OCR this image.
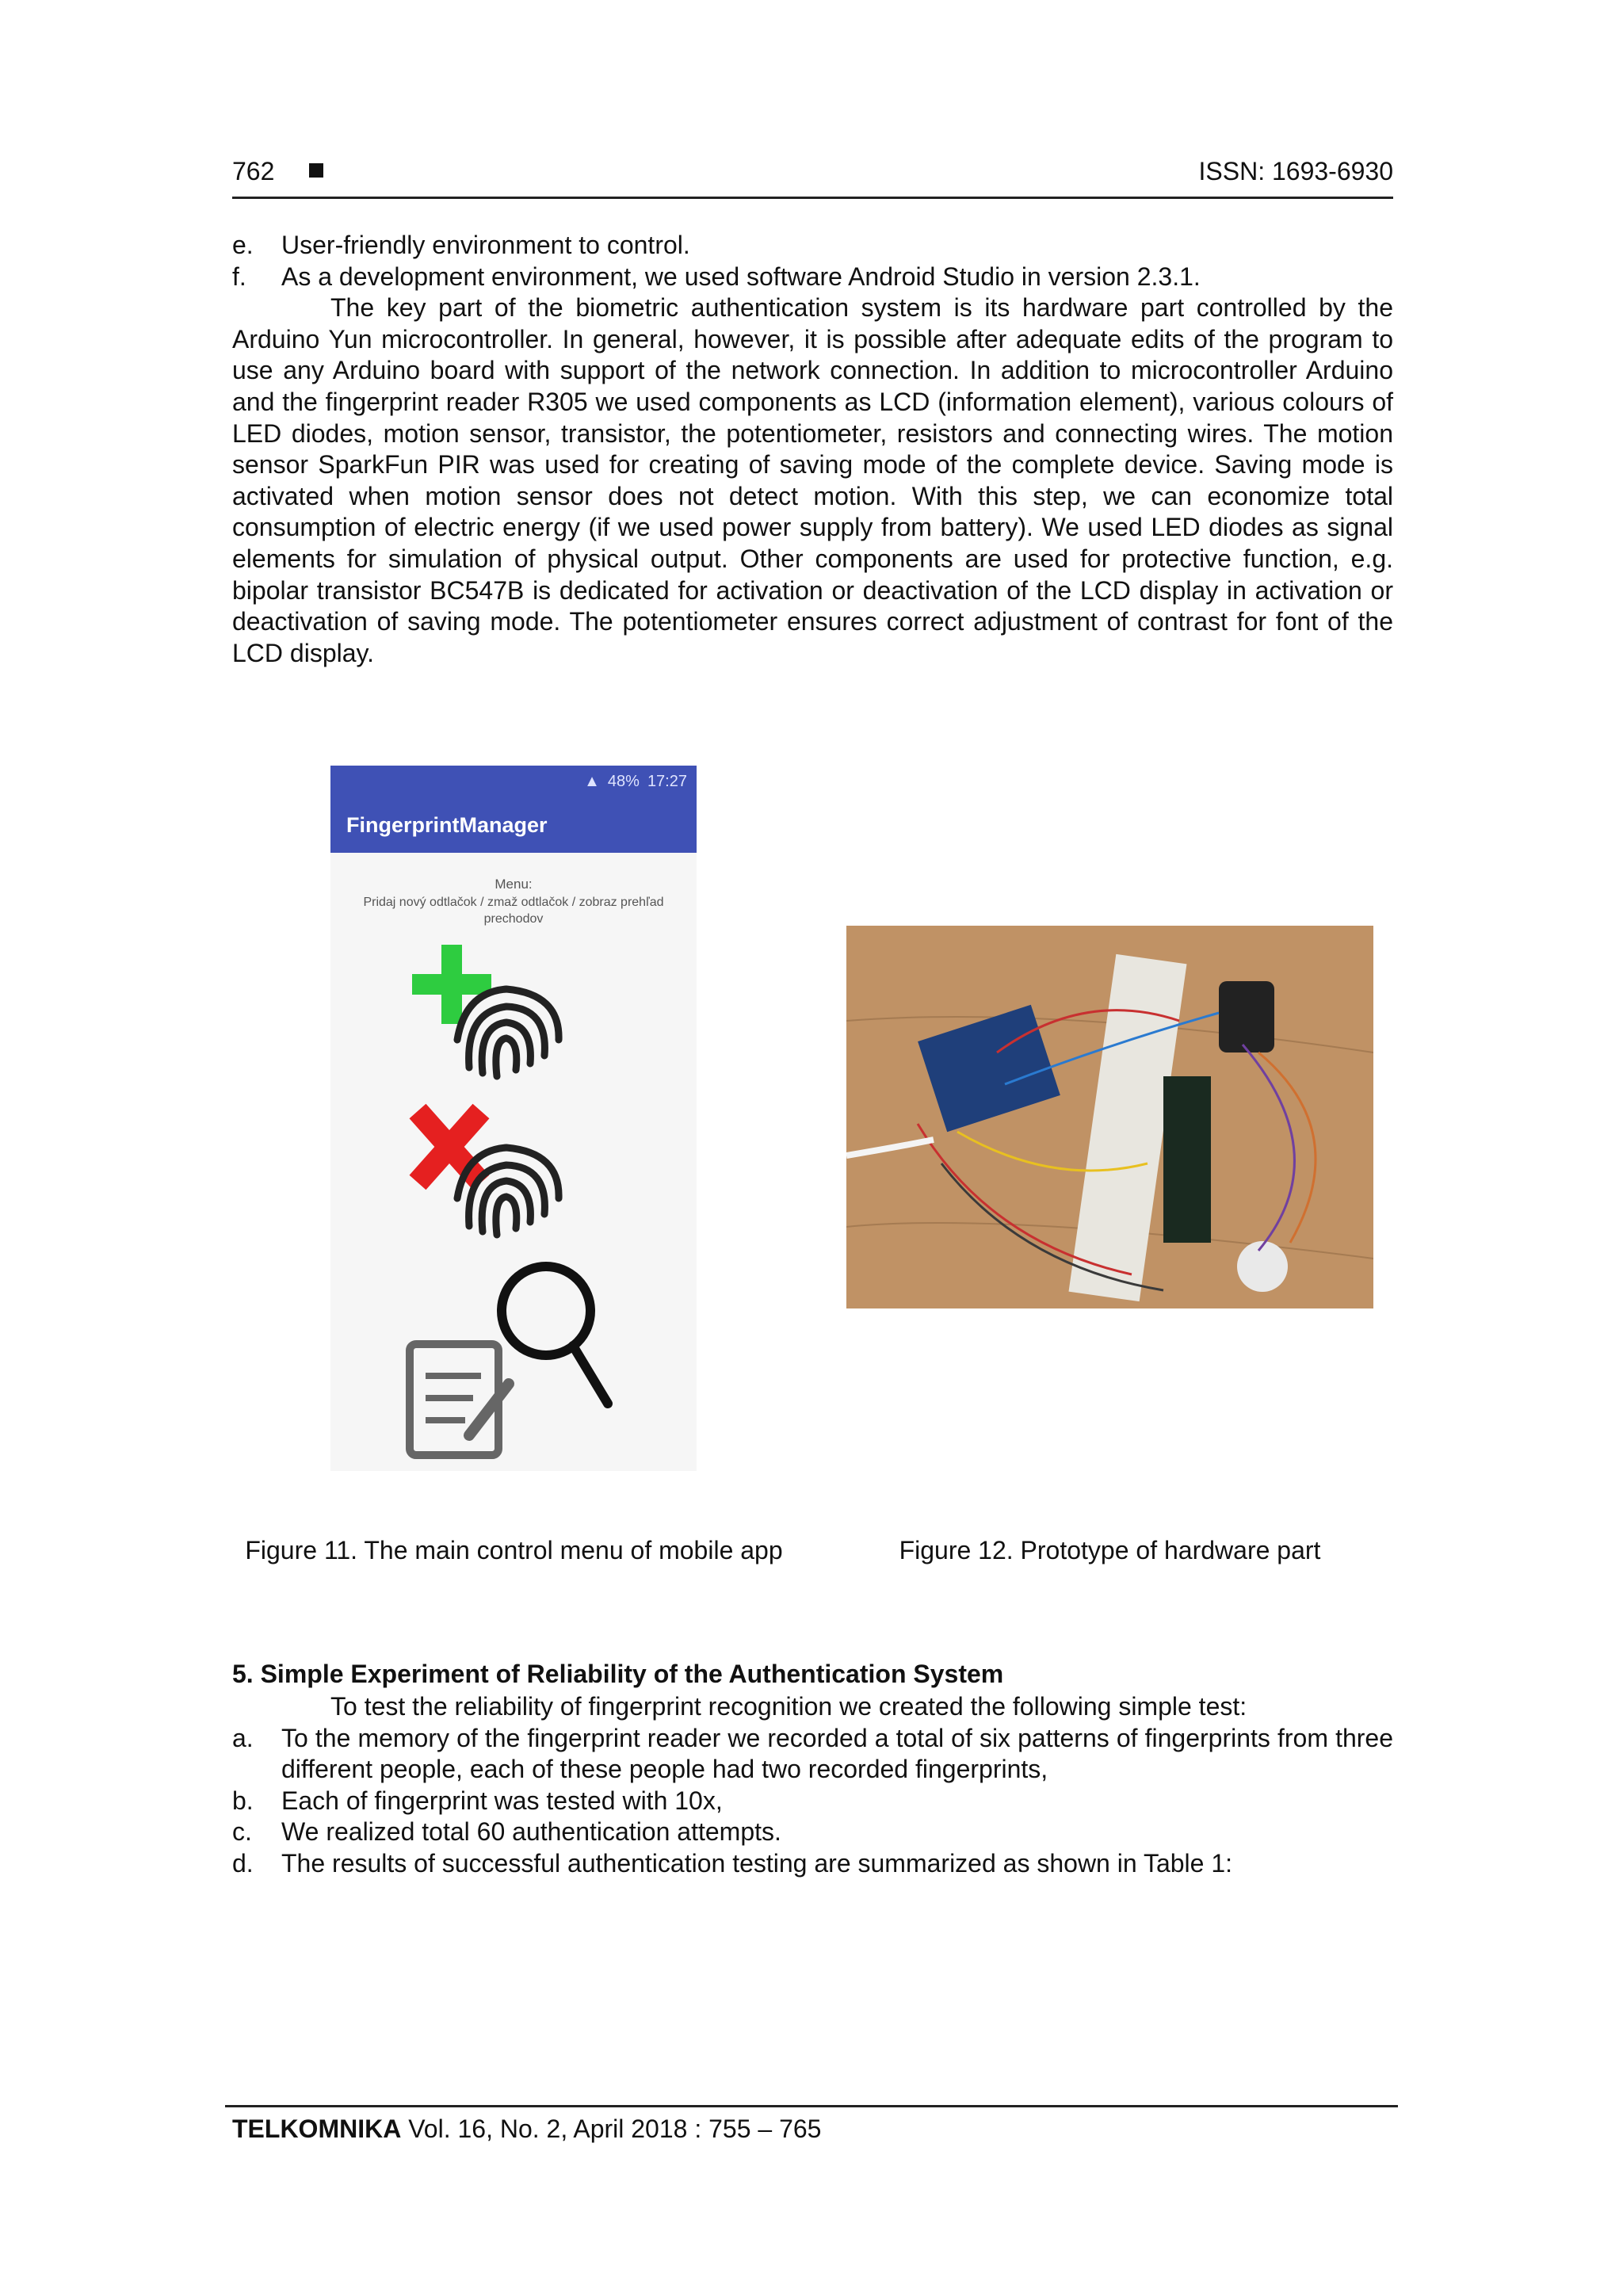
762	ISSN: 1693-6930
e. User-friendly environment to control.
f. As a development environment, we used software Android Studio in version 2.3.1.

The key part of the biometric authentication system is its hardware part controlled by the Arduino Yun microcontroller. In general, however, it is possible after adequate edits of the program to use any Arduino board with support of the network connection. In addition to microcontroller Arduino and the fingerprint reader R305 we used components as LCD (information element), various colours of LED diodes, motion sensor, transistor, the potentiometer, resistors and connecting wires. The motion sensor SparkFun PIR was used for creating of saving mode of the complete device. Saving mode is activated when motion sensor does not detect motion. With this step, we can economize total consumption of electric energy (if we used power supply from battery). We used LED diodes as signal elements for simulation of physical output. Other components are used for protective function, e.g. bipolar transistor BC547B is dedicated for activation or deactivation of the LCD display in activation or deactivation of saving mode. The potentiometer ensures correct adjustment of contrast for font of the LCD display.

▲ 48% 17:27
FingerprintManager
Menu:
Pridaj nový odtlačok / zmaž odtlačok / zobraz prehľad prechodov
Figure 11. The main control menu of mobile app	Figure 12. Prototype of hardware part
5. Simple Experiment of Reliability of the Authentication System

To test the reliability of fingerprint recognition we created the following simple test:

a. To the memory of the fingerprint reader we recorded a total of six patterns of fingerprints from three different people, each of these people had two recorded fingerprints,
b. Each of fingerprint was tested with 10x,
c. We realized total 60 authentication attempts.
d. The results of successful authentication testing are summarized as shown in Table 1:
TELKOMNIKA Vol. 16, No. 2, April 2018 : 755 – 765
